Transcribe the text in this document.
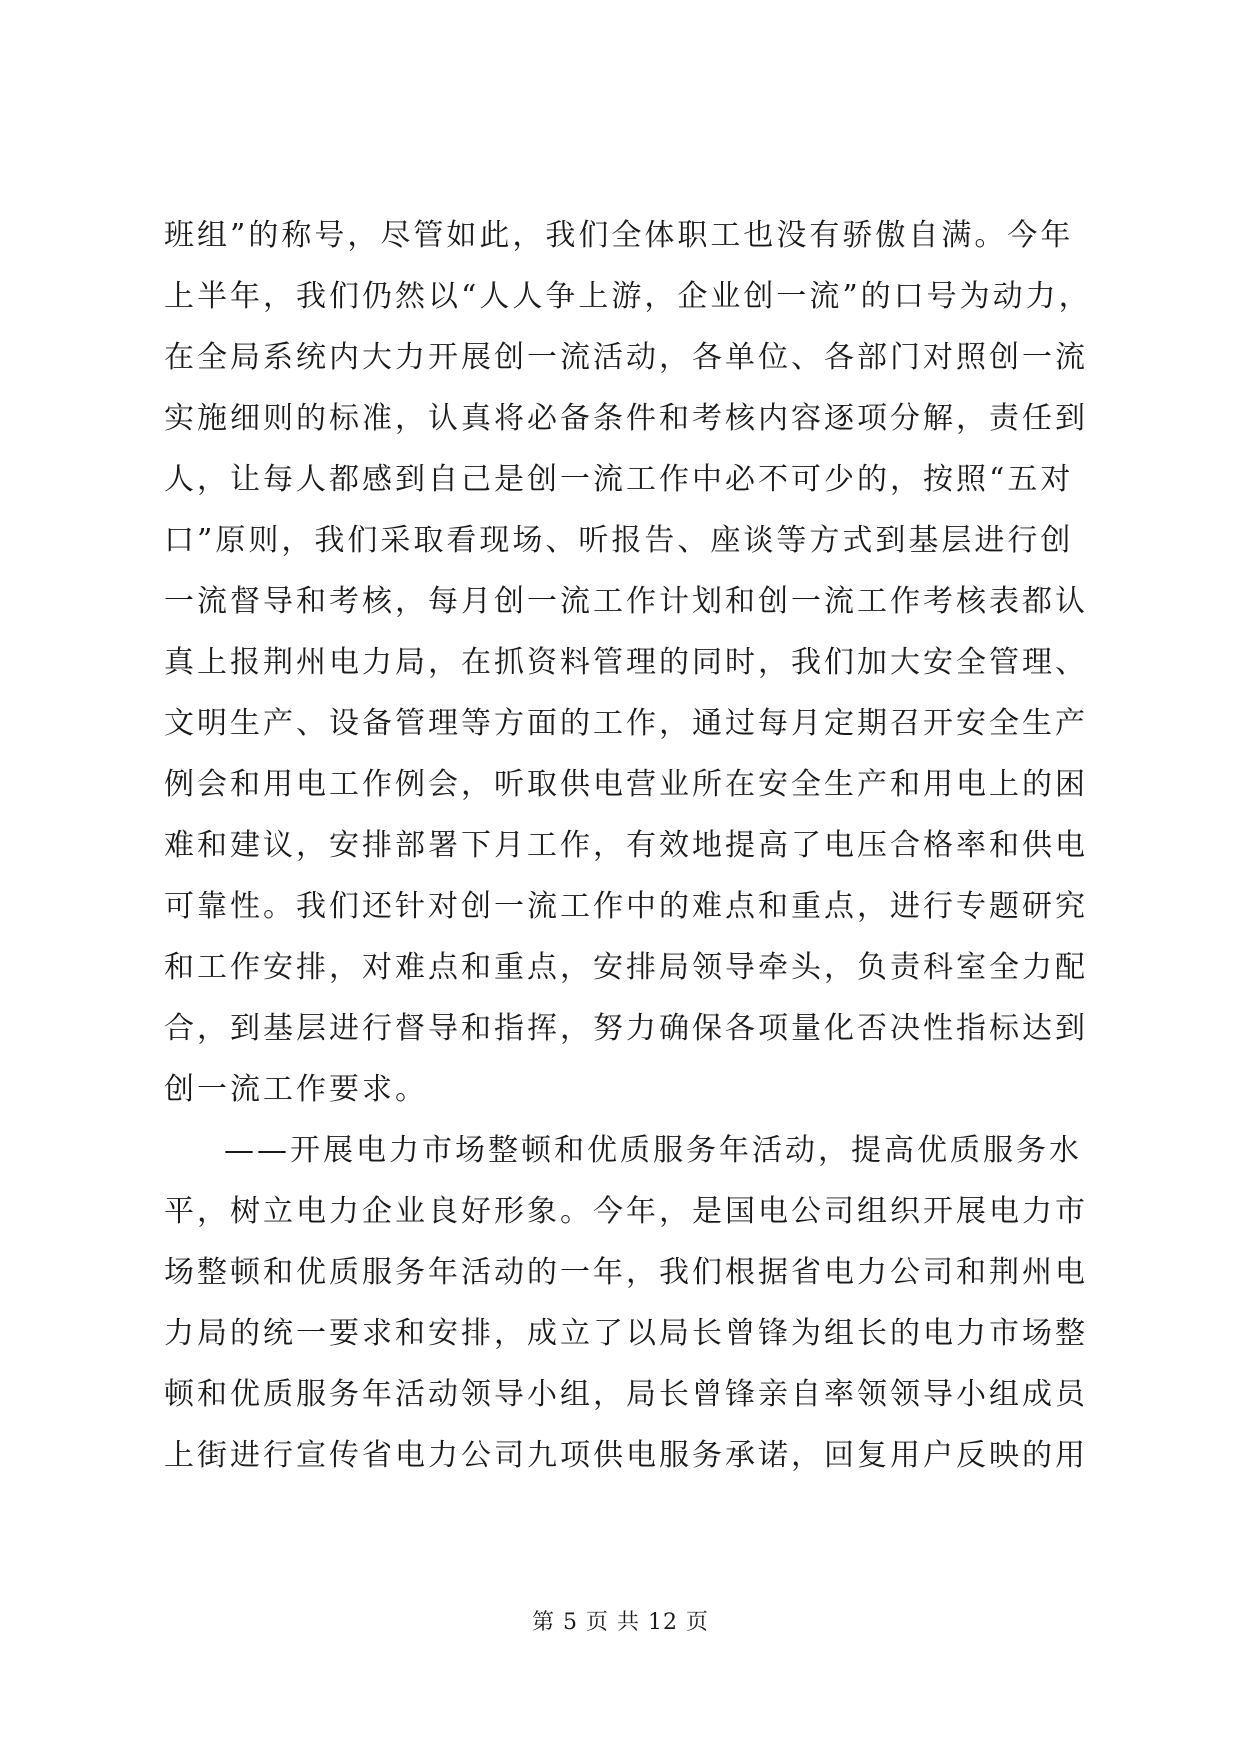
班组”的称号，尽管如此，我们全体职工也没有骄傲自满。今年
上半年，我们仍然以“人人争上游，企业创一流”的口号为动力，
在全局系统内大力开展创一流活动，各单位、各部门对照创一流
实施细则的标准，认真将必备条件和考核内容逐项分解，责任到
人，让每人都感到自己是创一流工作中必不可少的，按照“五对
口”原则，我们采取看现场、听报告、座谈等方式到基层进行创
一流督导和考核，每月创一流工作计划和创一流工作考核表都认
真上报荆州电力局，在抓资料管理的同时，我们加大安全管理、
文明生产、设备管理等方面的工作，通过每月定期召开安全生产
例会和用电工作例会，听取供电营业所在安全生产和用电上的困
难和建议，安排部署下月工作，有效地提高了电压合格率和供电
可靠性。我们还针对创一流工作中的难点和重点，进行专题研究
和工作安排，对难点和重点，安排局领导牵头，负责科室全力配
合，到基层进行督导和指挥，努力确保各项量化否决性指标达到
创一流工作要求。
——开展电力市场整顿和优质服务年活动，提高优质服务水
平，树立电力企业良好形象。今年，是国电公司组织开展电力市
场整顿和优质服务年活动的一年，我们根据省电力公司和荆州电
力局的统一要求和安排，成立了以局长曾锋为组长的电力市场整
顿和优质服务年活动领导小组，局长曾锋亲自率领领导小组成员
上街进行宣传省电力公司九项供电服务承诺，回复用户反映的用
第 5 页 共 12 页
